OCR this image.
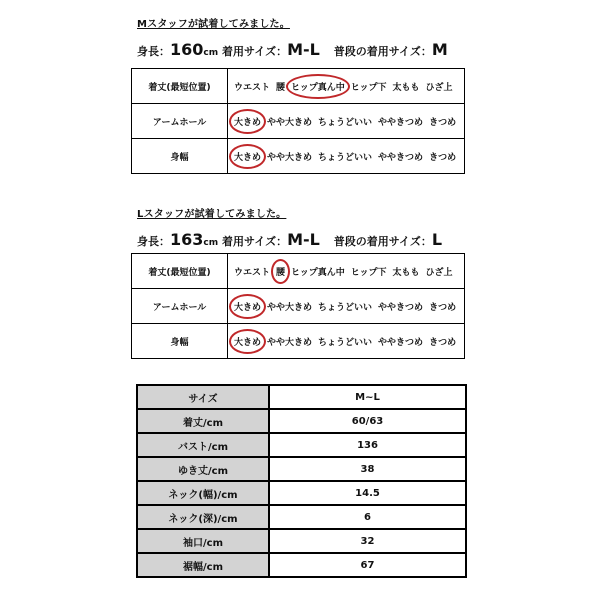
Mスタッフが試着してみました。
身長：160cm 着用サイズ：M-L 普段の着用サイズ：M
着丈(最短位置)	ウエスト 腰 ヒップ真ん中 ヒップ下 太もも ひざ上
アームホール	大きめ やや大きめ ちょうどいい ややきつめ きつめ
身幅	大きめ やや大きめ ちょうどいい ややきつめ きつめ
Lスタッフが試着してみました。
身長：163cm 着用サイズ：M-L 普段の着用サイズ：L
着丈(最短位置)	ウエスト 腰 ヒップ真ん中 ヒップ下 太もも ひざ上
アームホール	大きめ やや大きめ ちょうどいい ややきつめ きつめ
身幅	大きめ やや大きめ ちょうどいい ややきつめ きつめ
サイズ	M~L
着丈/cm	60/63
バスト/cm	136
ゆき丈/cm	38
ネック(幅)/cm	14.5
ネック(深)/cm	6
袖口/cm	32
裾幅/cm	67
